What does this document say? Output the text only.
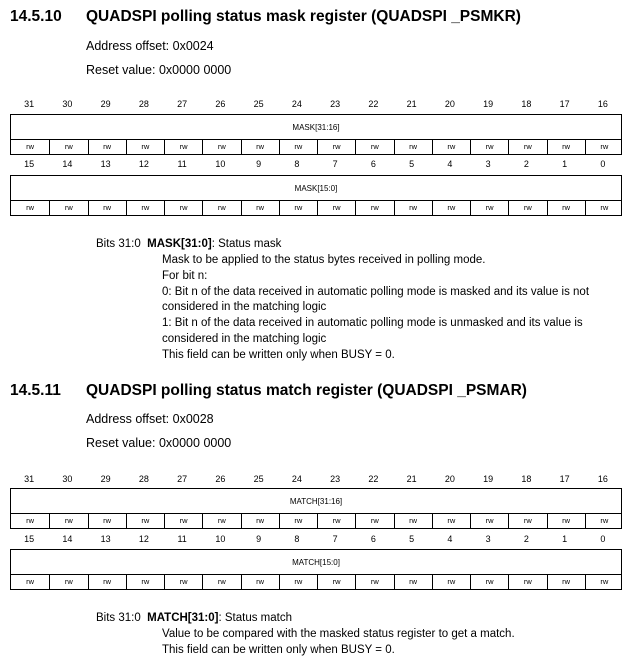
14.5.10 QUADSPI polling status mask register (QUADSPI _PSMKR)
Address offset: 0x0024
Reset value: 0x0000 0000
31	30	29	28	27	26	25	24	23	22	21	20	19	18	17	16
MASK[31:16]
rw	rw	rw	rw	rw	rw	rw	rw	rw	rw	rw	rw	rw	rw	rw	rw
15	14	13	12	11	10	9	8	7	6	5	4	3	2	1	0
MASK[15:0]
rw	rw	rw	rw	rw	rw	rw	rw	rw	rw	rw	rw	rw	rw	rw	rw
Bits 31:0 MASK[31:0]: Status mask
Mask to be applied to the status bytes received in polling mode.
For bit n:
0: Bit n of the data received in automatic polling mode is masked and its value is not
considered in the matching logic
1: Bit n of the data received in automatic polling mode is unmasked and its value is
considered in the matching logic
This field can be written only when BUSY = 0.
14.5.11 QUADSPI polling status match register (QUADSPI _PSMAR)
Address offset: 0x0028
Reset value: 0x0000 0000
31	30	29	28	27	26	25	24	23	22	21	20	19	18	17	16
MATCH[31:16]
rw	rw	rw	rw	rw	rw	rw	rw	rw	rw	rw	rw	rw	rw	rw	rw
15	14	13	12	11	10	9	8	7	6	5	4	3	2	1	0
MATCH[15:0]
rw	rw	rw	rw	rw	rw	rw	rw	rw	rw	rw	rw	rw	rw	rw	rw
Bits 31:0 MATCH[31:0]: Status match
Value to be compared with the masked status register to get a match.
This field can be written only when BUSY = 0.
